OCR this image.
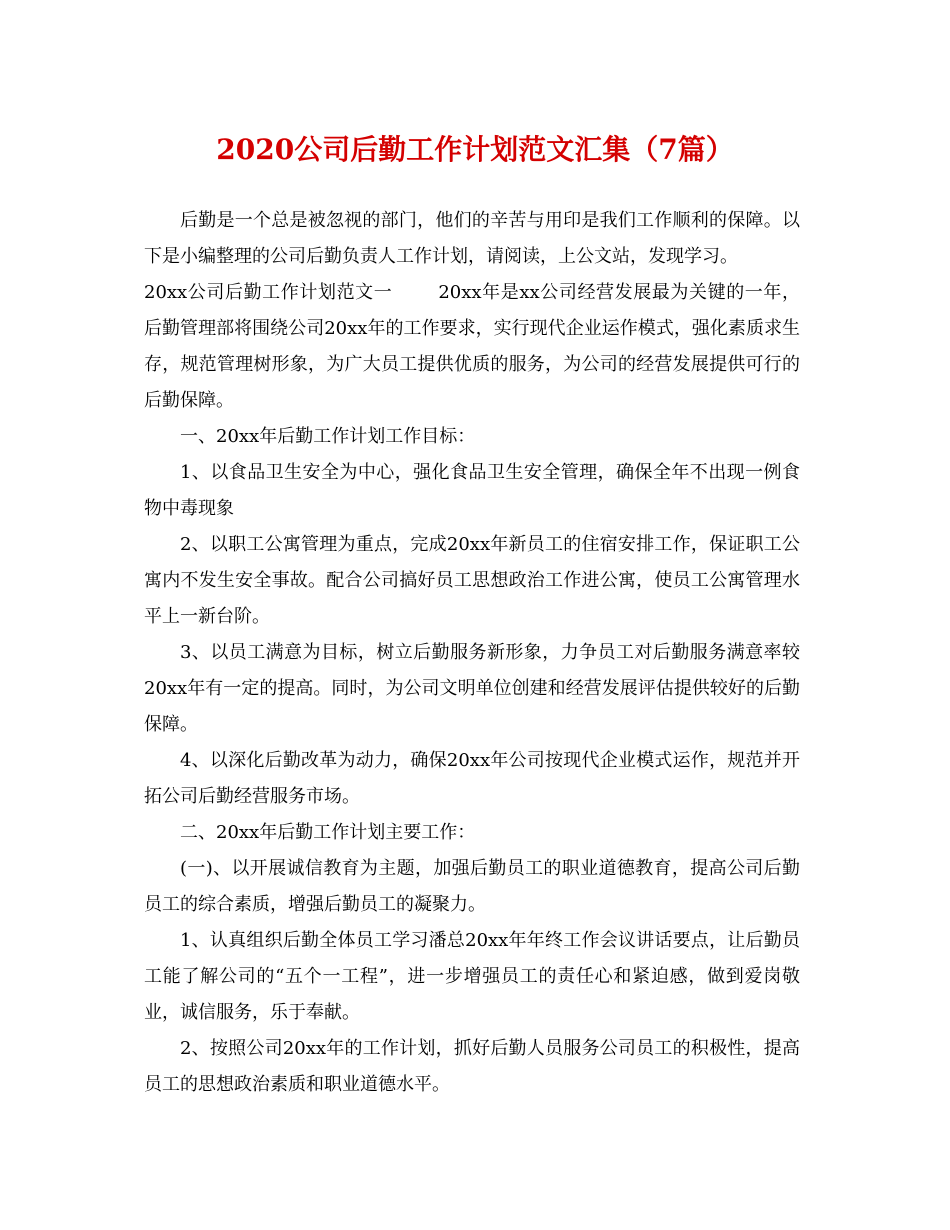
2020公司后勤工作计划范文汇集（7篇）

后勤是一个总是被忽视的部门，他们的辛苦与用印是我们工作顺利的保障。以下是小编整理的公司后勤负责人工作计划，请阅读，上公文站，发现学习。

20xx公司后勤工作计划范文一	20xx年是xx公司经营发展最为关键的一年，后勤管理部将围绕公司20xx年的工作要求，实行现代企业运作模式，强化素质求生存，规范管理树形象，为广大员工提供优质的服务，为公司的经营发展提供可行的后勤保障。

一、20xx年后勤工作计划工作目标：

1、以食品卫生安全为中心，强化食品卫生安全管理，确保全年不出现一例食物中毒现象

2、以职工公寓管理为重点，完成20xx年新员工的住宿安排工作，保证职工公寓内不发生安全事故。配合公司搞好员工思想政治工作进公寓，使员工公寓管理水平上一新台阶。

3、以员工满意为目标，树立后勤服务新形象，力争员工对后勤服务满意率较20xx年有一定的提高。同时，为公司文明单位创建和经营发展评估提供较好的后勤保障。

4、以深化后勤改革为动力，确保20xx年公司按现代企业模式运作，规范并开拓公司后勤经营服务市场。

二、20xx年后勤工作计划主要工作：

(一)、以开展诚信教育为主题，加强后勤员工的职业道德教育，提高公司后勤员工的综合素质，增强后勤员工的凝聚力。

1、认真组织后勤全体员工学习潘总20xx年年终工作会议讲话要点，让后勤员工能了解公司的“五个一工程”，进一步增强员工的责任心和紧迫感，做到爱岗敬业，诚信服务，乐于奉献。

2、按照公司20xx年的工作计划，抓好后勤人员服务公司员工的积极性，提高员工的思想政治素质和职业道德水平。
